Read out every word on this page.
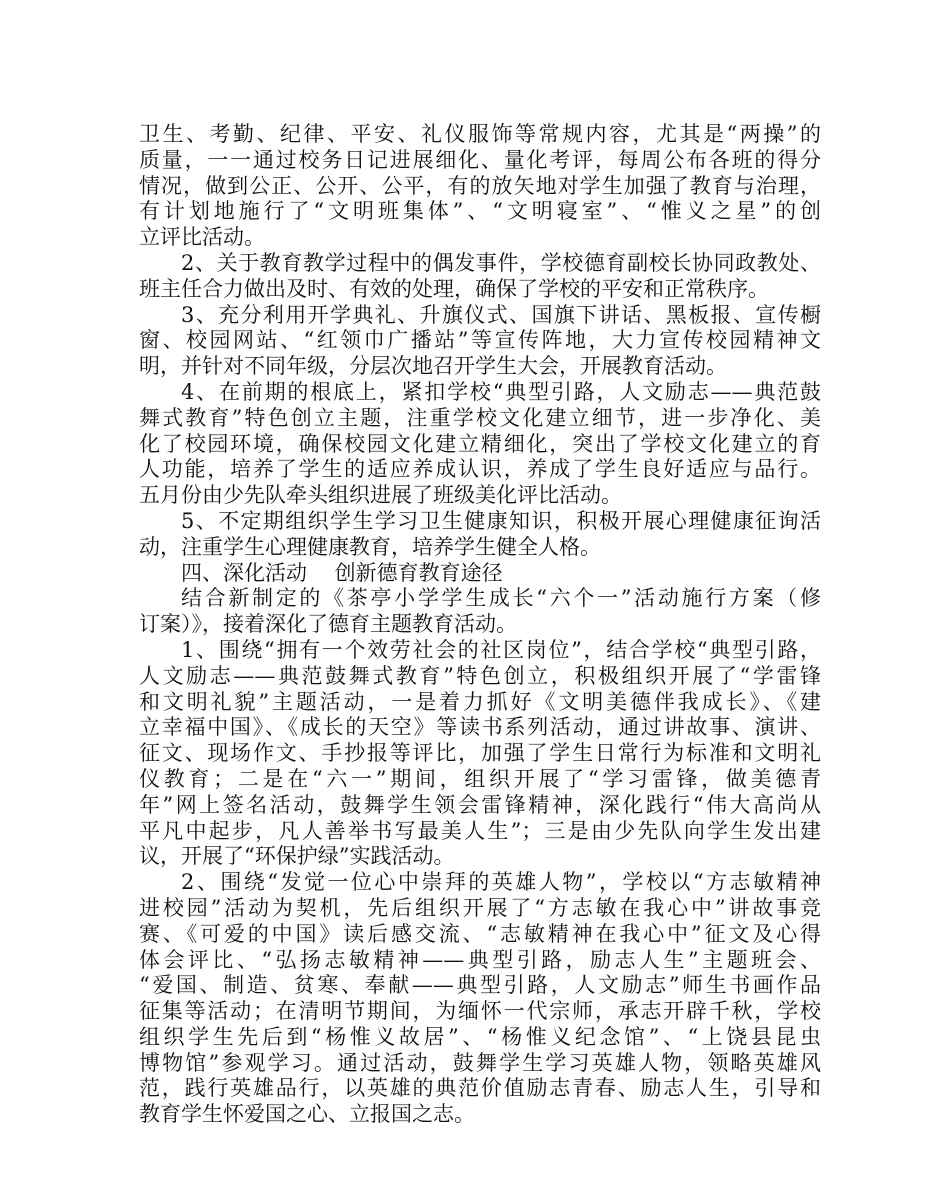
卫生、考勤、纪律、平安、礼仪服饰等常规内容，尤其是“两操”的
质量，一一通过校务日记进展细化、量化考评，每周公布各班的得分
情况，做到公正、公开、公平，有的放矢地对学生加强了教育与治理，
有计划地施行了“文明班集体”、“文明寝室”、“惟义之星”的创
立评比活动。
2、关于教育教学过程中的偶发事件，学校德育副校长协同政教处、
班主任合力做出及时、有效的处理，确保了学校的平安和正常秩序。
3、充分利用开学典礼、升旗仪式、国旗下讲话、黑板报、宣传橱
窗、校园网站、“红领巾广播站”等宣传阵地，大力宣传校园精神文
明，并针对不同年级，分层次地召开学生大会，开展教育活动。
4、在前期的根底上，紧扣学校“典型引路，人文励志——典范鼓
舞式教育”特色创立主题，注重学校文化建立细节，进一步净化、美
化了校园环境，确保校园文化建立精细化，突出了学校文化建立的育
人功能，培养了学生的适应养成认识，养成了学生良好适应与品行。
五月份由少先队牵头组织进展了班级美化评比活动。
5、不定期组织学生学习卫生健康知识，积极开展心理健康征询活
动，注重学生心理健康教育，培养学生健全人格。
四、深化活动　 创新德育教育途径
结合新制定的《茶亭小学学生成长“六个一”活动施行方案（修
订案）》，接着深化了德育主题教育活动。
1、围绕“拥有一个效劳社会的社区岗位”，结合学校“典型引路，
人文励志——典范鼓舞式教育”特色创立，积极组织开展了“学雷锋
和文明礼貌”主题活动，一是着力抓好《文明美德伴我成长》、《建
立幸福中国》、《成长的天空》等读书系列活动，通过讲故事、演讲、
征文、现场作文、手抄报等评比，加强了学生日常行为标准和文明礼
仪教育；二是在“六一”期间，组织开展了“学习雷锋，做美德青
年”网上签名活动，鼓舞学生领会雷锋精神，深化践行“伟大高尚从
平凡中起步，凡人善举书写最美人生”；三是由少先队向学生发出建
议，开展了“环保护绿”实践活动。
2、围绕“发觉一位心中崇拜的英雄人物”，学校以“方志敏精神
进校园”活动为契机，先后组织开展了“方志敏在我心中”讲故事竞
赛、《可爱的中国》读后感交流、“志敏精神在我心中”征文及心得
体会评比、“弘扬志敏精神——典型引路，励志人生”主题班会、
“爱国、制造、贫寒、奉献——典型引路，人文励志”师生书画作品
征集等活动；在清明节期间，为缅怀一代宗师，承志开辟千秋，学校
组织学生先后到“杨惟义故居”、“杨惟义纪念馆”、“上饶县昆虫
博物馆”参观学习。通过活动，鼓舞学生学习英雄人物，领略英雄风
范，践行英雄品行，以英雄的典范价值励志青春、励志人生，引导和
教育学生怀爱国之心、立报国之志。
